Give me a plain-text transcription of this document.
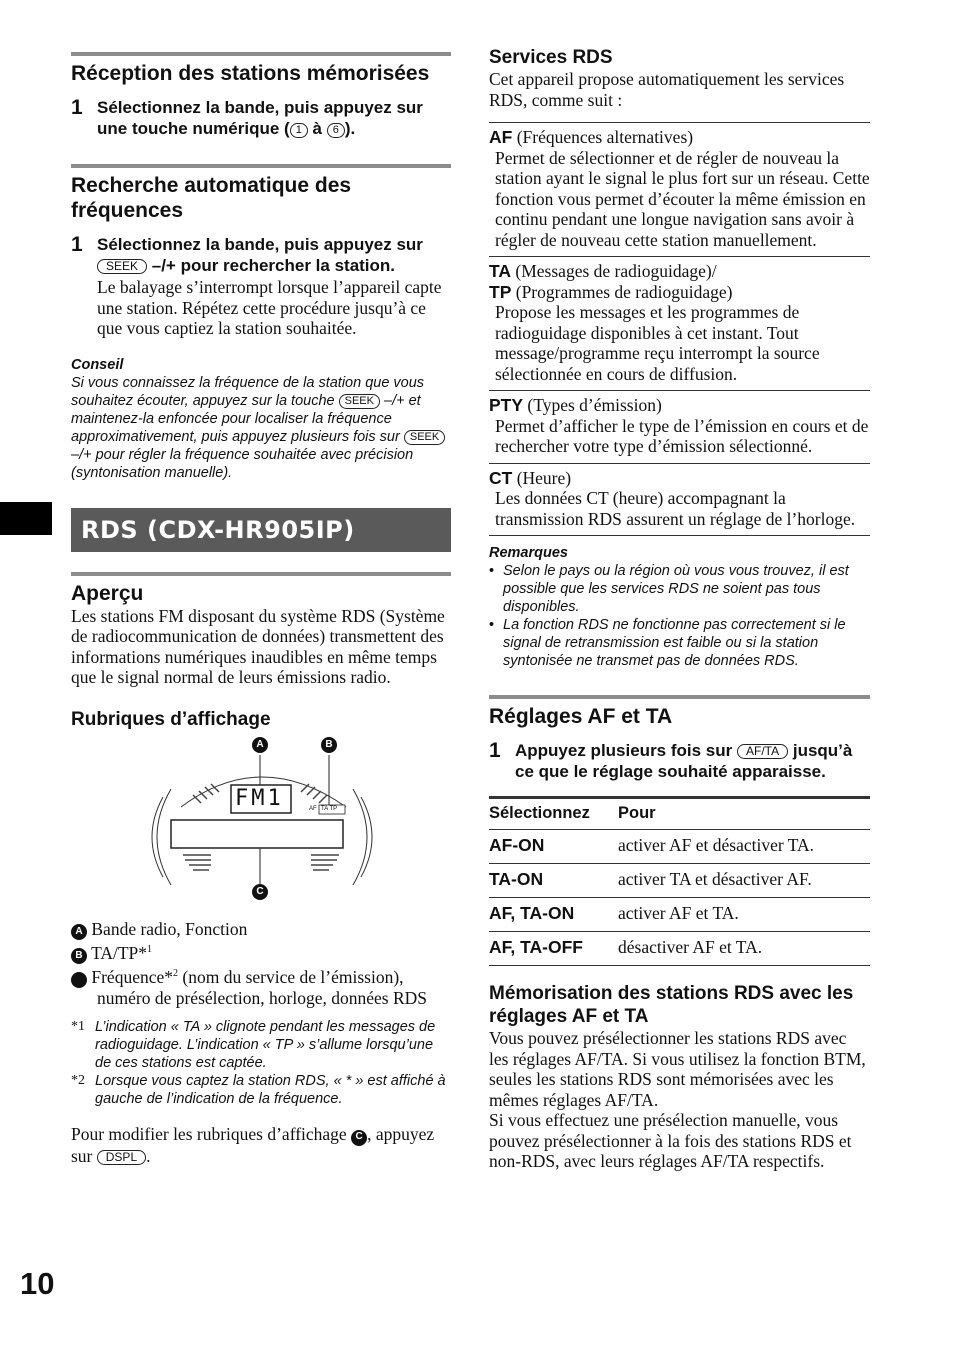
Réception des stations mémorisées
1 Sélectionnez la bande, puis appuyez sur une touche numérique ( 1 à 6 ).
Recherche automatique des fréquences
1 Sélectionnez la bande, puis appuyez sur SEEK –/+ pour rechercher la station.
Le balayage s’interrompt lorsque l’appareil capte une station. Répétez cette procédure jusqu’à ce que vous captiez la station souhaitée.
Conseil
Si vous connaissez la fréquence de la station que vous souhaitez écouter, appuyez sur la touche SEEK –/+ et maintenez-la enfoncée pour localiser la fréquence approximativement, puis appuyez plusieurs fois sur SEEK –/+ pour régler la fréquence souhaitée avec précision (syntonisation manuelle).
RDS (CDX-HR905IP)
Aperçu
Les stations FM disposant du système RDS (Système de radiocommunication de données) transmettent des informations numériques inaudibles en même temps que le signal normal de leurs émissions radio.
Rubriques d’affichage
A	B
C
FM1	AF TA TP
A Bande radio, Fonction
B TA/TP*$^1$
C Fréquence*$^2$ (nom du service de l’émission), numéro de présélection, horloge, données RDS
*1 L’indication « TA » clignote pendant les messages de radioguidage. L’indication « TP » s’allume lorsqu’une de ces stations est captée.
*2 Lorsque vous captez la station RDS, « * » est affiché à gauche de l’indication de la fréquence.
Pour modifier les rubriques d’affichage C , appuyez sur DSPL .
Services RDS
Cet appareil propose automatiquement les services RDS, comme suit :
AF (Fréquences alternatives)
Permet de sélectionner et de régler de nouveau la station ayant le signal le plus fort sur un réseau. Cette fonction vous permet d’écouter la même émission en continu pendant une longue navigation sans avoir à régler de nouveau cette station manuellement.
TA (Messages de radioguidage)/
TP (Programmes de radioguidage)
Propose les messages et les programmes de radioguidage disponibles à cet instant. Tout message/programme reçu interrompt la source sélectionnée en cours de diffusion.
PTY (Types d’émission)
Permet d’afficher le type de l’émission en cours et de rechercher votre type d’émission sélectionné.
CT (Heure)
Les données CT (heure) accompagnant la transmission RDS assurent un réglage de l’horloge.
Remarques
• Selon le pays ou la région où vous vous trouvez, il est possible que les services RDS ne soient pas tous disponibles.
• La fonction RDS ne fonctionne pas correctement si le signal de retransmission est faible ou si la station syntonisée ne transmet pas de données RDS.
Réglages AF et TA
1 Appuyez plusieurs fois sur AF/TA jusqu’à ce que le réglage souhaité apparaisse.
Sélectionnez	Pour
AF-ON	activer AF et désactiver TA.
TA-ON	activer TA et désactiver AF.
AF, TA-ON	activer AF et TA.
AF, TA-OFF	désactiver AF et TA.
Mémorisation des stations RDS avec les réglages AF et TA
Vous pouvez présélectionner les stations RDS avec les réglages AF/TA. Si vous utilisez la fonction BTM, seules les stations RDS sont mémorisées avec les mêmes réglages AF/TA.
Si vous effectuez une présélection manuelle, vous pouvez présélectionner à la fois des stations RDS et non-RDS, avec leurs réglages AF/TA respectifs.
10
